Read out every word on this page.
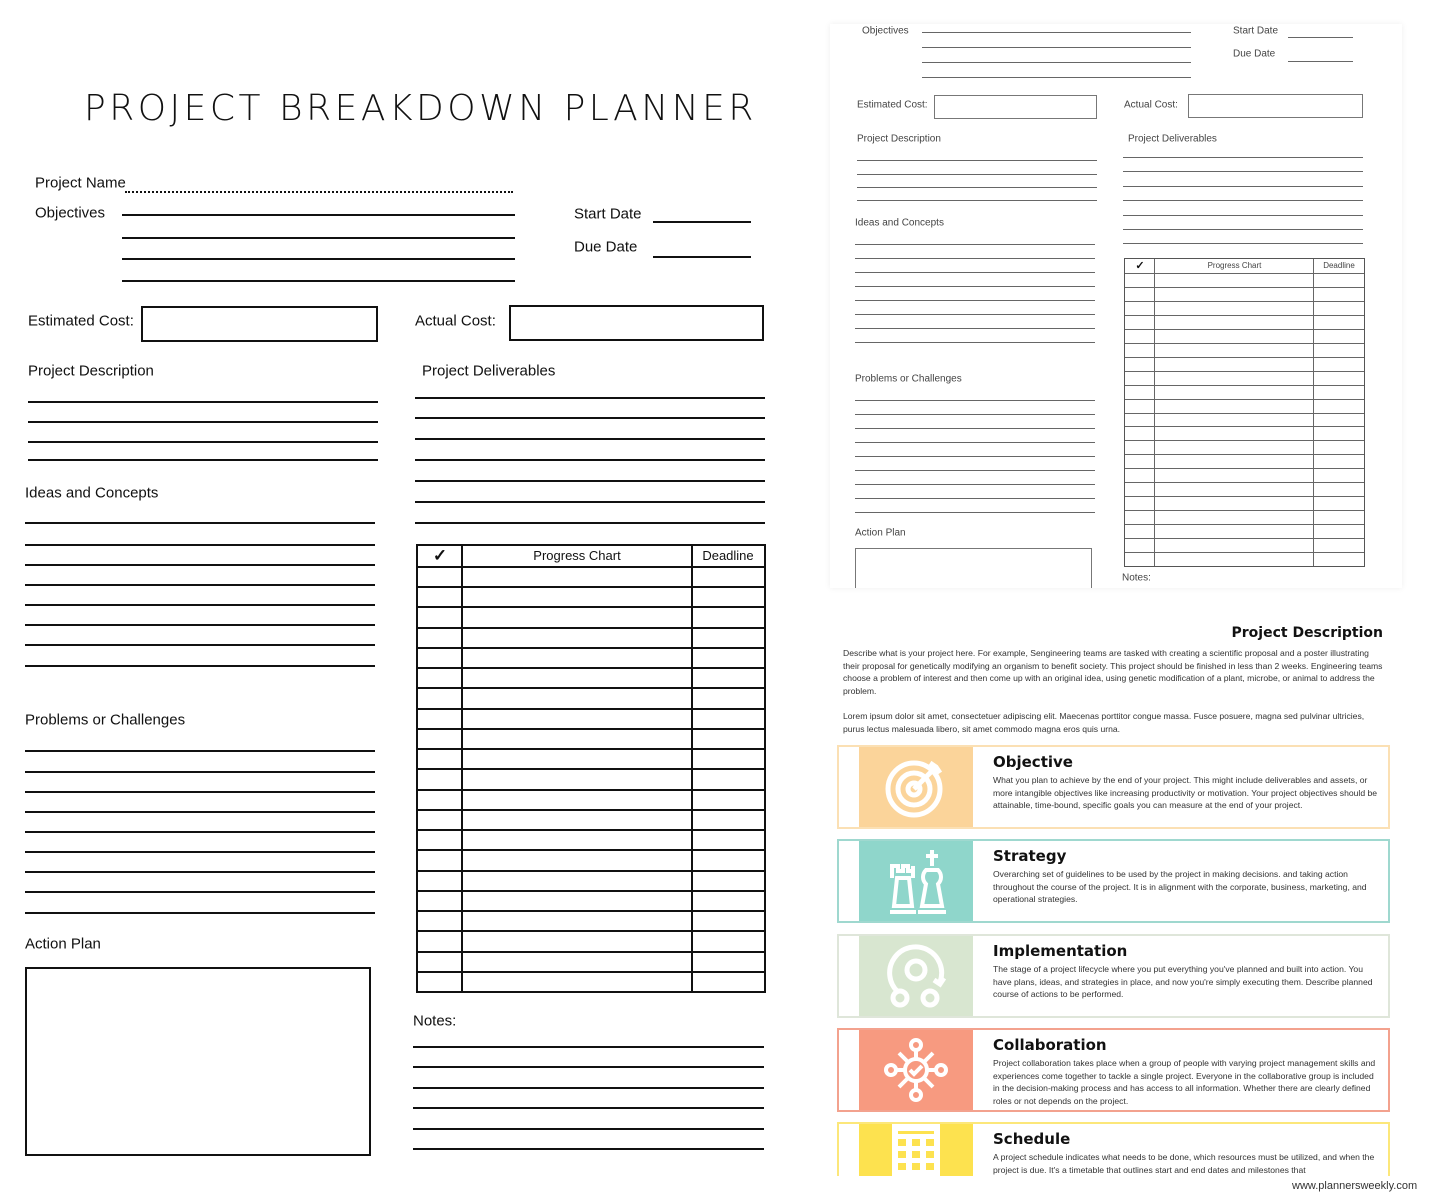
PROJECT BREAKDOWN PLANNER
Project Name
Objectives	Start Date
Due Date
Estimated Cost:	Actual Cost:
Project Description	Project Deliverables
Ideas and Concepts
Problems or Challenges
Action Plan
Notes:
✓	Progress Chart	Deadline
Objectives	Start Date
Due Date
Estimated Cost:	Actual Cost:
Project Description	Project Deliverables
Ideas and Concepts
Problems or Challenges
Action Plan
Notes:
✓	Progress Chart	Deadline
Project Description

Describe what is your project here. For example, Sengineering teams are tasked with creating a scientific proposal and a poster illustrating their proposal for genetically modifying an organism to benefit society. This project should be finished in less than 2 weeks. Engineering teams choose a problem of interest and then come up with an original idea, using genetic modification of a plant, microbe, or animal to address the problem.

Lorem ipsum dolor sit amet, consectetuer adipiscing elit. Maecenas porttitor congue massa. Fusce posuere, magna sed pulvinar ultricies, purus lectus malesuada libero, sit amet commodo magna eros quis urna.

Objective

What you plan to achieve by the end of your project. This might include deliverables and assets, or more intangible objectives like increasing productivity or motivation. Your project objectives should be attainable, time-bound, specific goals you can measure at the end of your project.

Strategy

Overarching set of guidelines to be used by the project in making decisions. and taking action throughout the course of the project. It is in alignment with the corporate, business, marketing, and operational strategies.

Implementation

The stage of a project lifecycle where you put everything you've planned and built into action. You have plans, ideas, and strategies in place, and now you're simply executing them. Describe planned course of actions to be performed.

Collaboration

Project collaboration takes place when a group of people with varying project management skills and experiences come together to tackle a single project. Everyone in the collaborative group is included in the decision-making process and has access to all information. Whether there are clearly defined roles or not depends on the project.

Schedule

A project schedule indicates what needs to be done, which resources must be utilized, and when the project is due. It's a timetable that outlines start and end dates and milestones that

www.plannersweekly.com
